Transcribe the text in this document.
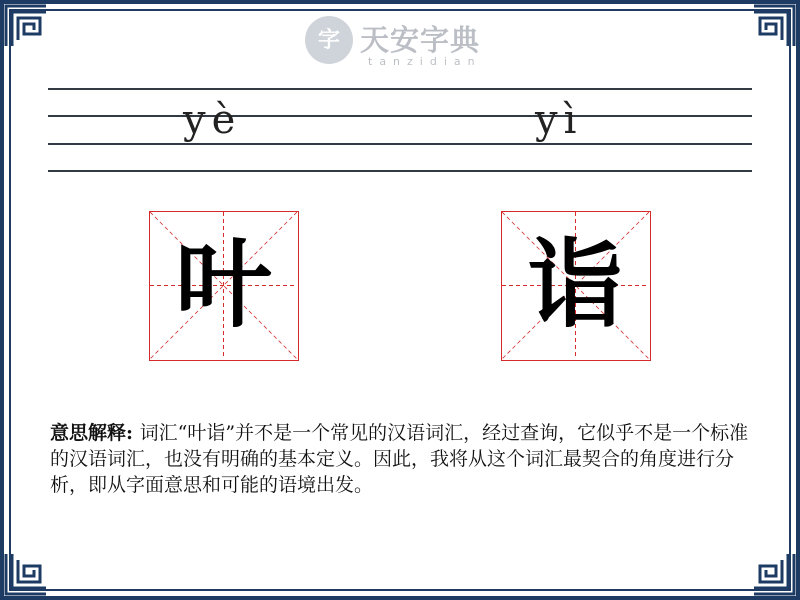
字 天安字典
tanzidian
yè	yì
叶	诣
意思解释: 词汇“叶诣”并不是一个常见的汉语词汇，经过查询，它似乎不是一个标准的汉语词汇，也没有明确的基本定义。因此，我将从这个词汇最契合的角度进行分析，即从字面意思和可能的语境出发。
